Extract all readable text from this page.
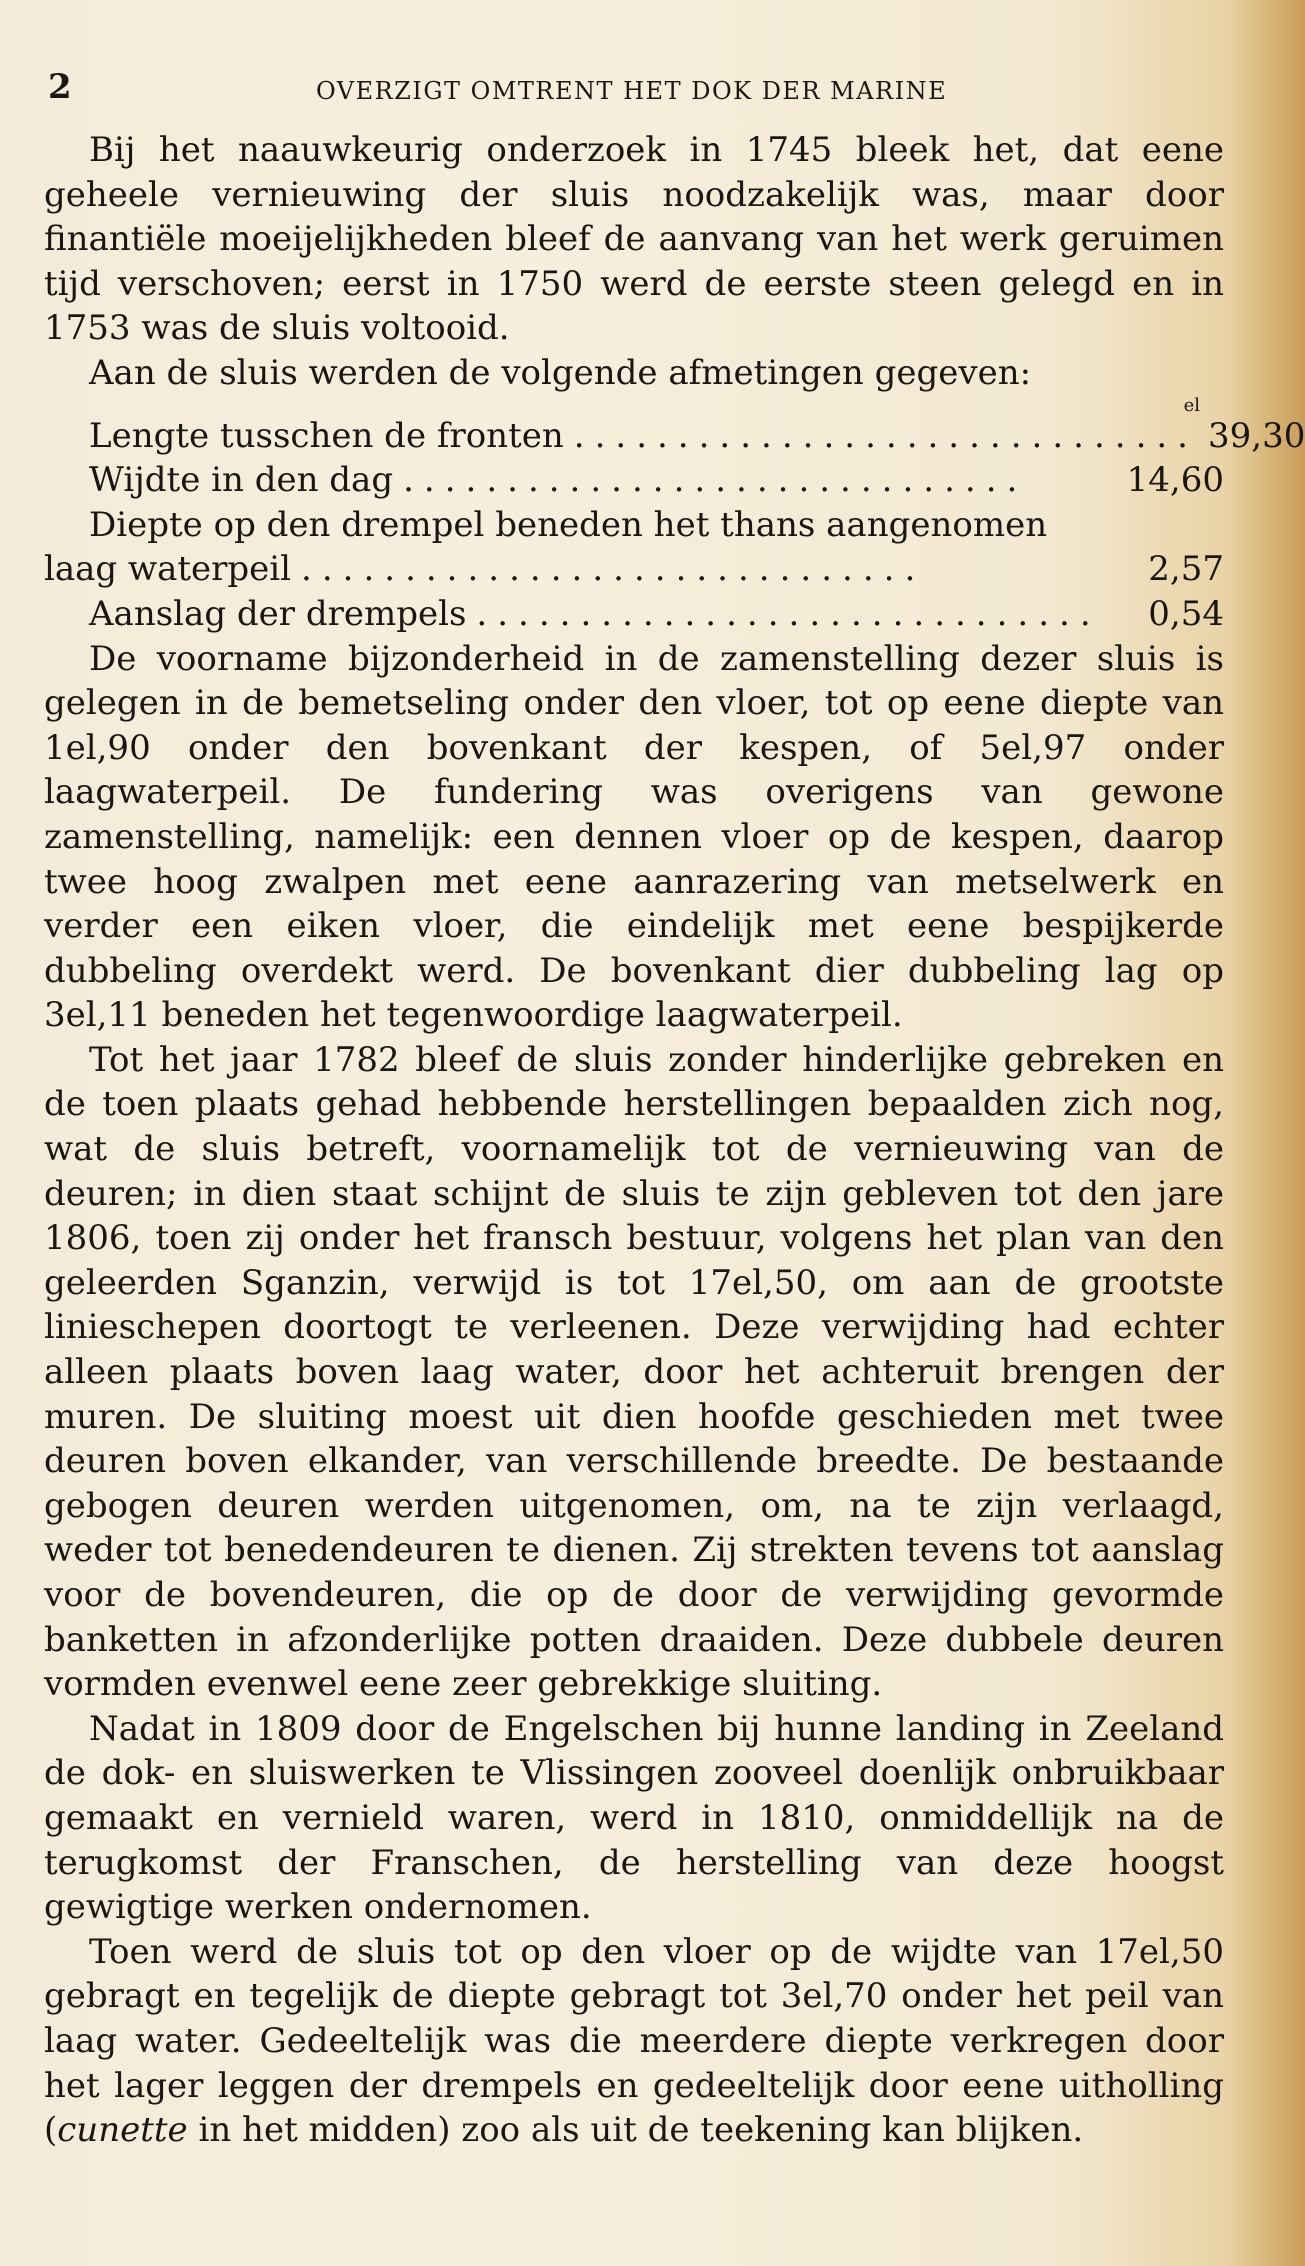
2	OVERZIGT OMTRENT HET DOK DER MARINE

Bij het naauwkeurig onderzoek in 1745 bleek het, dat eene geheele vernieuwing der sluis noodzakelijk was, maar door finantiële moeijelijkheden bleef de aanvang van het werk geruimen tijd verschoven; eerst in 1750 werd de eerste steen gelegd en in 1753 was de sluis voltooid.

Aan de sluis werden de volgende afmetingen gegeven:

el
Lengte tusschen de fronten .............................. 39,30
Wijdte in den dag ..............................	14,60
Diepte op den drempel beneden het thans aangenomen
laag waterpeil ..............................	2,57
Aanslag der drempels ..............................	0,54

De voorname bijzonderheid in de zamenstelling dezer sluis is gelegen in de bemetseling onder den vloer, tot op eene diepte van 1el,90 onder den bovenkant der kespen, of 5el,97 onder laagwaterpeil. De fundering was overigens van gewone zamenstelling, namelijk: een dennen vloer op de kespen, daarop twee hoog zwalpen met eene aanrazering van metselwerk en verder een eiken vloer, die eindelijk met eene bespijkerde dubbeling overdekt werd. De bovenkant dier dubbeling lag op 3el,11 beneden het tegenwoordige laagwaterpeil.

Tot het jaar 1782 bleef de sluis zonder hinderlijke gebreken en de toen plaats gehad hebbende herstellingen bepaalden zich nog, wat de sluis betreft, voornamelijk tot de vernieuwing van de deuren; in dien staat schijnt de sluis te zijn gebleven tot den jare 1806, toen zij onder het fransch bestuur, volgens het plan van den geleerden Sganzin, verwijd is tot 17el,50, om aan de grootste linieschepen doortogt te verleenen. Deze verwijding had echter alleen plaats boven laag water, door het achteruit brengen der muren. De sluiting moest uit dien hoofde geschieden met twee deuren boven elkander, van verschillende breedte. De bestaande gebogen deuren werden uitgenomen, om, na te zijn verlaagd, weder tot benedendeuren te dienen. Zij strekten tevens tot aanslag voor de bovendeuren, die op de door de verwijding gevormde banketten in afzonderlijke potten draaiden. Deze dubbele deuren vormden evenwel eene zeer gebrekkige sluiting.

Nadat in 1809 door de Engelschen bij hunne landing in Zeeland de dok- en sluiswerken te Vlissingen zooveel doenlijk onbruikbaar gemaakt en vernield waren, werd in 1810, onmiddellijk na de terugkomst der Franschen, de herstelling van deze hoogst gewigtige werken ondernomen.

Toen werd de sluis tot op den vloer op de wijdte van 17el,50 gebragt en tegelijk de diepte gebragt tot 3el,70 onder het peil van laag water. Gedeeltelijk was die meerdere diepte verkregen door het lager leggen der drempels en gedeeltelijk door eene uitholling (cunette in het midden) zoo als uit de teekening kan blijken.
